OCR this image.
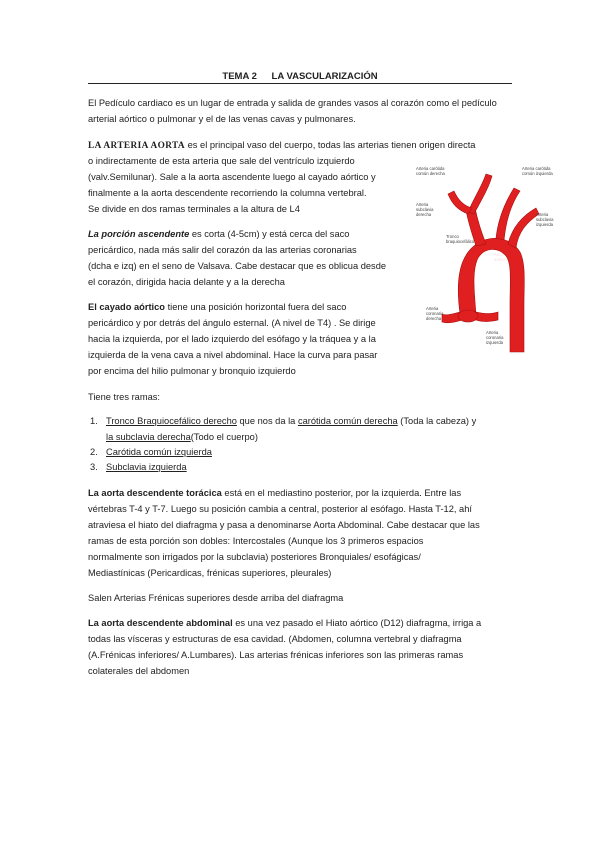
TEMA 2 LA VASCULARIZACIÓN
El Pedículo cardiaco es un lugar de entrada y salida de grandes vasos al corazón como el pedículo arterial aórtico o pulmonar y el de las venas cavas y pulmonares.
LA ARTERIA AORTA es el principal vaso del cuerpo, todas las arterias tienen origen directa
o indirectamente de esta arteria que sale del ventrículo izquierdo
(valv.Semilunar). Sale a la aorta ascendente luego al cayado aórtico y
finalmente a la aorta descendente recorriendo la columna vertebral.
Se divide en dos ramas terminales a la altura de L4
La porción ascendente es corta (4-5cm) y está cerca del saco
pericárdico, nada más salir del corazón da las arterias coronarias
(dcha e izq) en el seno de Valsava. Cabe destacar que es oblicua desde
el corazón, dirigida hacia delante y a la derecha
El cayado aórtico tiene una posición horizontal fuera del saco
pericárdico y por detrás del ángulo esternal. (A nivel de T4) . Se dirige
hacia la izquierda, por el lado izquierdo del esófago y la tráquea y a la
izquierda de la vena cava a nivel abdominal. Hace la curva para pasar
por encima del hilio pulmonar y bronquio izquierdo
Tiene tres ramas:
1. Tronco Braquiocefálico derecho que nos da la carótida común derecha (Toda la cabeza) y
la subclavia derecha(Todo el cuerpo)
2. Carótida común izquierda
3. Subclavia izquierda
La aorta descendente torácica está en el mediastino posterior, por la izquierda. Entre las
vértebras T-4 y T-7. Luego su posición cambia a central, posterior al esófago. Hasta T-12, ahí
atraviesa el hiato del diafragma y pasa a denominarse Aorta Abdominal. Cabe destacar que las
ramas de esta porción son dobles: Intercostales (Aunque los 3 primeros espacios
normalmente son irrigados por la subclavia) posteriores Bronquiales/ esofágicas/
Mediastínicas (Pericardicas, frénicas superiores, pleurales)
Salen Arterias Frénicas superiores desde arriba del diafragma
La aorta descendente abdominal es una vez pasado el Hiato aórtico (D12) diafragma, irriga a
todas las vísceras y estructuras de esa cavidad. (Abdomen, columna vertebral y diafragma
(A.Frénicas inferiores/ A.Lumbares). Las arterias frénicas inferiores son las primeras ramas
colaterales del abdomen
Arteria carótida
común derecha
Arteria carótida
común izquierda
Arteria
subclavia
derecha	Arteria
subclavia
izquierda
Tronco
braquiocefálico
Arco
aórtico
Arteria
coronaria
derecha
Arteria
coronaria
izquierda
